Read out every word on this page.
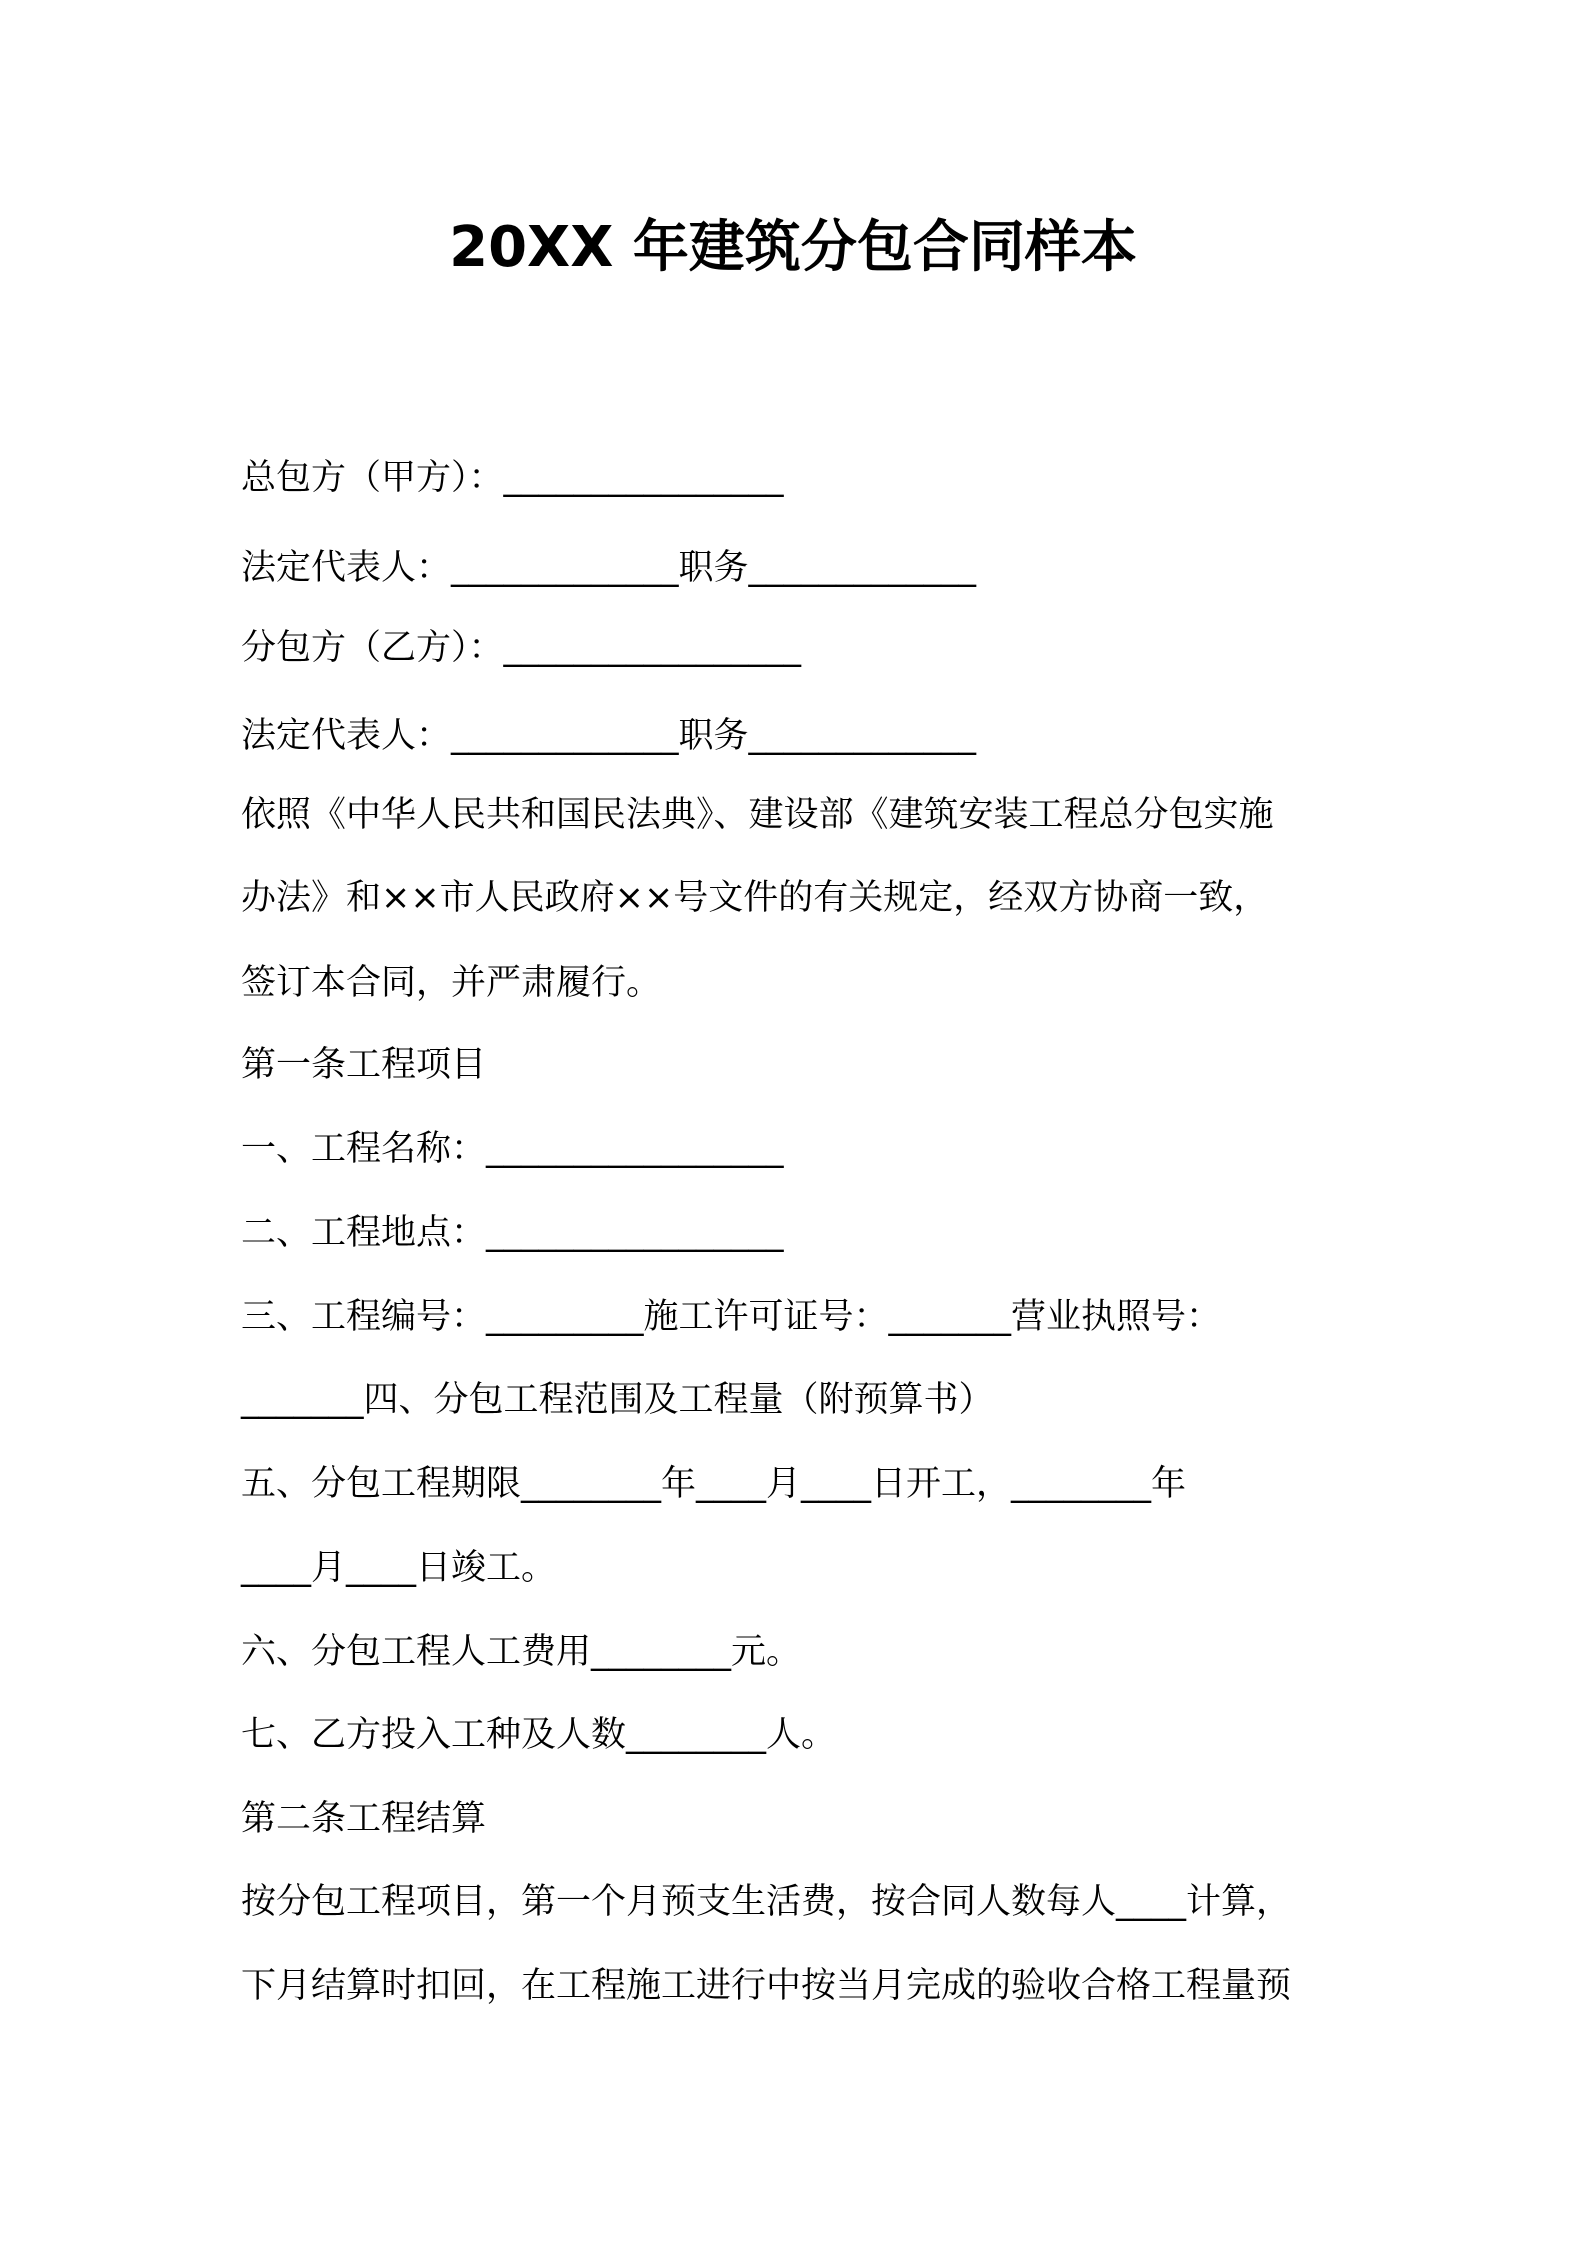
20XX 年建筑分包合同样本
总包方（甲方）：________________
法定代表人：_____________职务_____________
分包方（乙方）：_________________
法定代表人：_____________职务_____________
依照《中华人民共和国民法典》、建设部《建筑安装工程总分包实施
办法》和××市人民政府××号文件的有关规定，经双方协商一致，
签订本合同，并严肃履行。
第一条工程项目
一、工程名称：_________________
二、工程地点：_________________
三、工程编号：_________施工许可证号：_______营业执照号：
_______四、分包工程范围及工程量（附预算书）
五、分包工程期限________年____月____日开工，________年
____月____日竣工。
六、分包工程人工费用________元。
七、乙方投入工种及人数________人。
第二条工程结算
按分包工程项目，第一个月预支生活费，按合同人数每人____计算，
下月结算时扣回，在工程施工进行中按当月完成的验收合格工程量预
